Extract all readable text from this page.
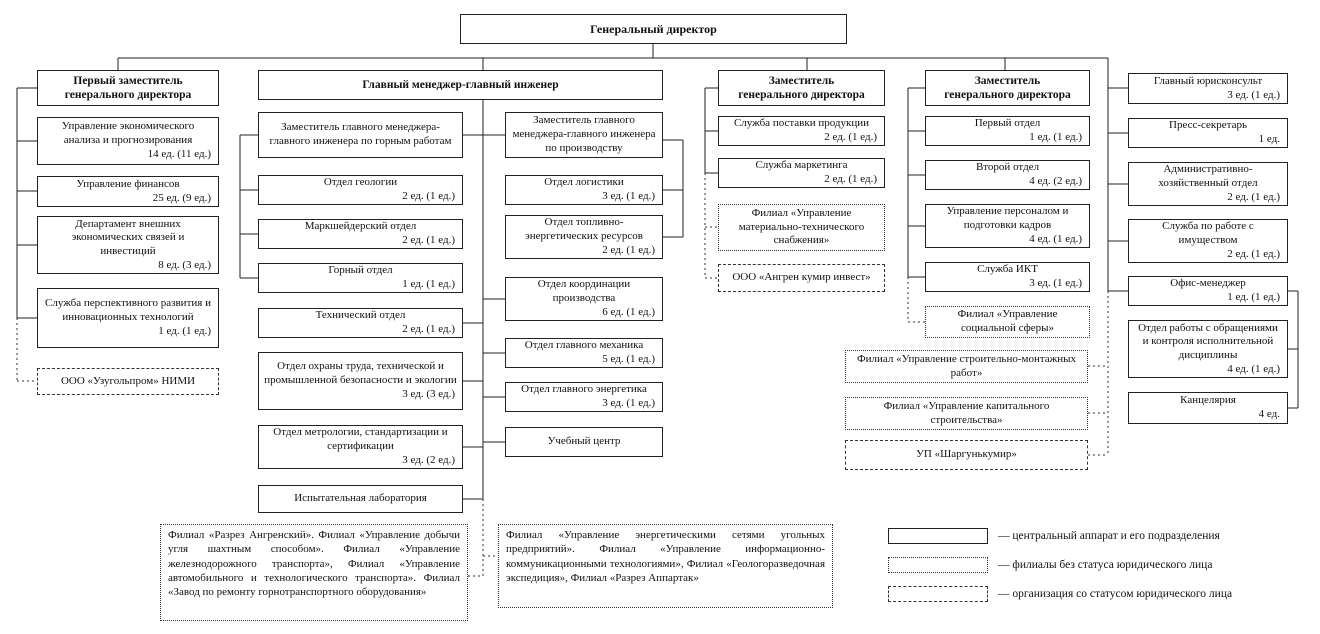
Генеральный директор
Первый заместитель генерального директора
Управление экономического анализа и прогнозирования
14 ед. (11 ед.)
Управление финансов
25 ед. (9 ед.)
Департамент внешних экономических связей и инвестиций
8 ед. (3 ед.)
Служба перспективного развития и инновационных технологий
1 ед. (1 ед.)
ООО «Узугольпром» НИМИ
Главный менеджер-главный инженер
Заместитель главного менеджера-главного инженера по горным работам
Отдел геологии
2 ед. (1 ед.)
Маркшейдерский отдел
2 ед. (1 ед.)
Горный отдел
1 ед. (1 ед.)
Технический отдел
2 ед. (1 ед.)
Отдел охраны труда, технической и промышленной безопасности и экологии
3 ед. (3 ед.)
Отдел метрологии, стандартизации и сертификации
3 ед. (2 ед.)
Испытательная лаборатория
Заместитель главного менеджера-главного инженера по производству
Отдел логистики
3 ед. (1 ед.)
Отдел топливно-энергетических ресурсов
2 ед. (1 ед.)
Отдел координации производства
6 ед. (1 ед.)
Отдел главного механика
5 ед. (1 ед.)
Отдел главного энергетика
3 ед. (1 ед.)
Учебный центр
Заместитель генерального директора
Служба поставки продукции
2 ед. (1 ед.)
Служба маркетинга
2 ед. (1 ед.)
Филиал «Управление материально-технического снабжения»
ООО «Ангрен кумир инвест»
Заместитель генерального директора
Первый отдел
1 ед. (1 ед.)
Второй отдел
4 ед. (2 ед.)
Управление персоналом и подготовки кадров
4 ед. (1 ед.)
Служба ИКТ
3 ед. (1 ед.)
Филиал «Управление социальной сферы»
Филиал «Управление строительно-монтажных работ»
Филиал «Управление капитального строительства»
УП «Шаргунькумир»
Главный юрисконсульт
3 ед. (1 ед.)
Пресс-секретарь
1 ед.
Административно-хозяйственный отдел
2 ед. (1 ед.)
Служба по работе с имуществом
2 ед. (1 ед.)
Офис-менеджер
1 ед. (1 ед.)
Отдел работы с обращениями и контроля исполнительной дисциплины
4 ед. (1 ед.)
Канцелярия
4 ед.
Филиал «Разрез Ангренский». Филиал «Управление добычи угля шахтным способом». Филиал «Управление железнодорожного транспорта», Филиал «Управление автомобильного и технологического транспорта». Филиал «Завод по ремонту горнотранспортного оборудования»
Филиал «Управление энергетическими сетями угольных предприятий». Филиал «Управление информационно-коммуникационными технологиями», Филиал «Геологоразведочная экспедиция», Филиал «Разрез Аппартак»
— центральный аппарат и его подразделения
— филиалы без статуса юридического лица
— организация со статусом юридического лица
